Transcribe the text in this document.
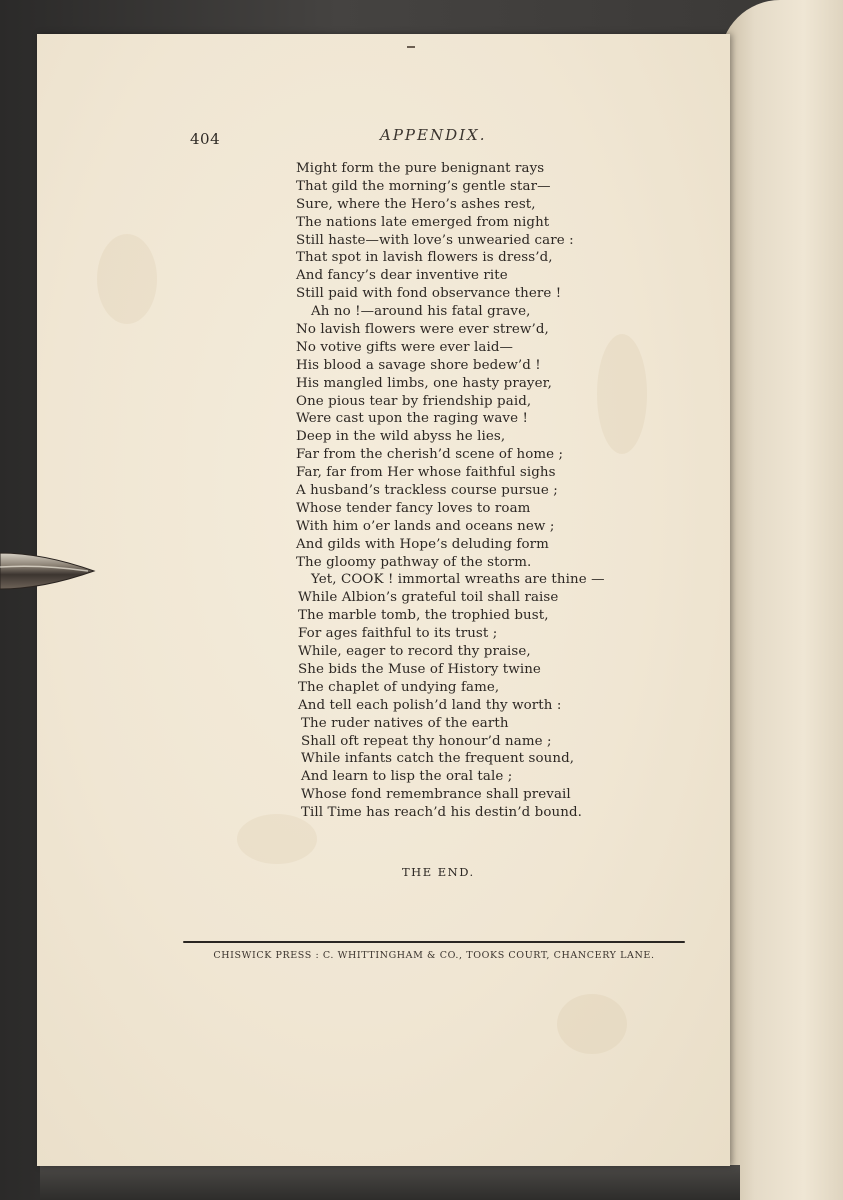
404	APPENDIX.
Might form the pure benignant rays
That gild the morning’s gentle star—
Sure, where the Hero’s ashes rest,
The nations late emerged from night
Still haste—with love’s unwearied care :
That spot in lavish flowers is dress’d,
And fancy’s dear inventive rite
Still paid with fond observance there !
Ah no !—around his fatal grave,
No lavish flowers were ever strew’d,
No votive gifts were ever laid—
His blood a savage shore bedew’d !
His mangled limbs, one hasty prayer,
One pious tear by friendship paid,
Were cast upon the raging wave !
Deep in the wild abyss he lies,
Far from the cherish’d scene of home ;
Far, far from Her whose faithful sighs
A husband’s trackless course pursue ;
Whose tender fancy loves to roam
With him o’er lands and oceans new ;
And gilds with Hope’s deluding form
The gloomy pathway of the storm.
Yet, COOK ! immortal wreaths are thine —
While Albion’s grateful toil shall raise
The marble tomb, the trophied bust,
For ages faithful to its trust ;
While, eager to record thy praise,
She bids the Muse of History twine
The chaplet of undying fame,
And tell each polish’d land thy worth :
The ruder natives of the earth
Shall oft repeat thy honour’d name ;
While infants catch the frequent sound,
And learn to lisp the oral tale ;
Whose fond remembrance shall prevail
Till Time has reach’d his destin’d bound.
THE END.
CHISWICK PRESS : C. WHITTINGHAM & CO., TOOKS COURT, CHANCERY LANE.
